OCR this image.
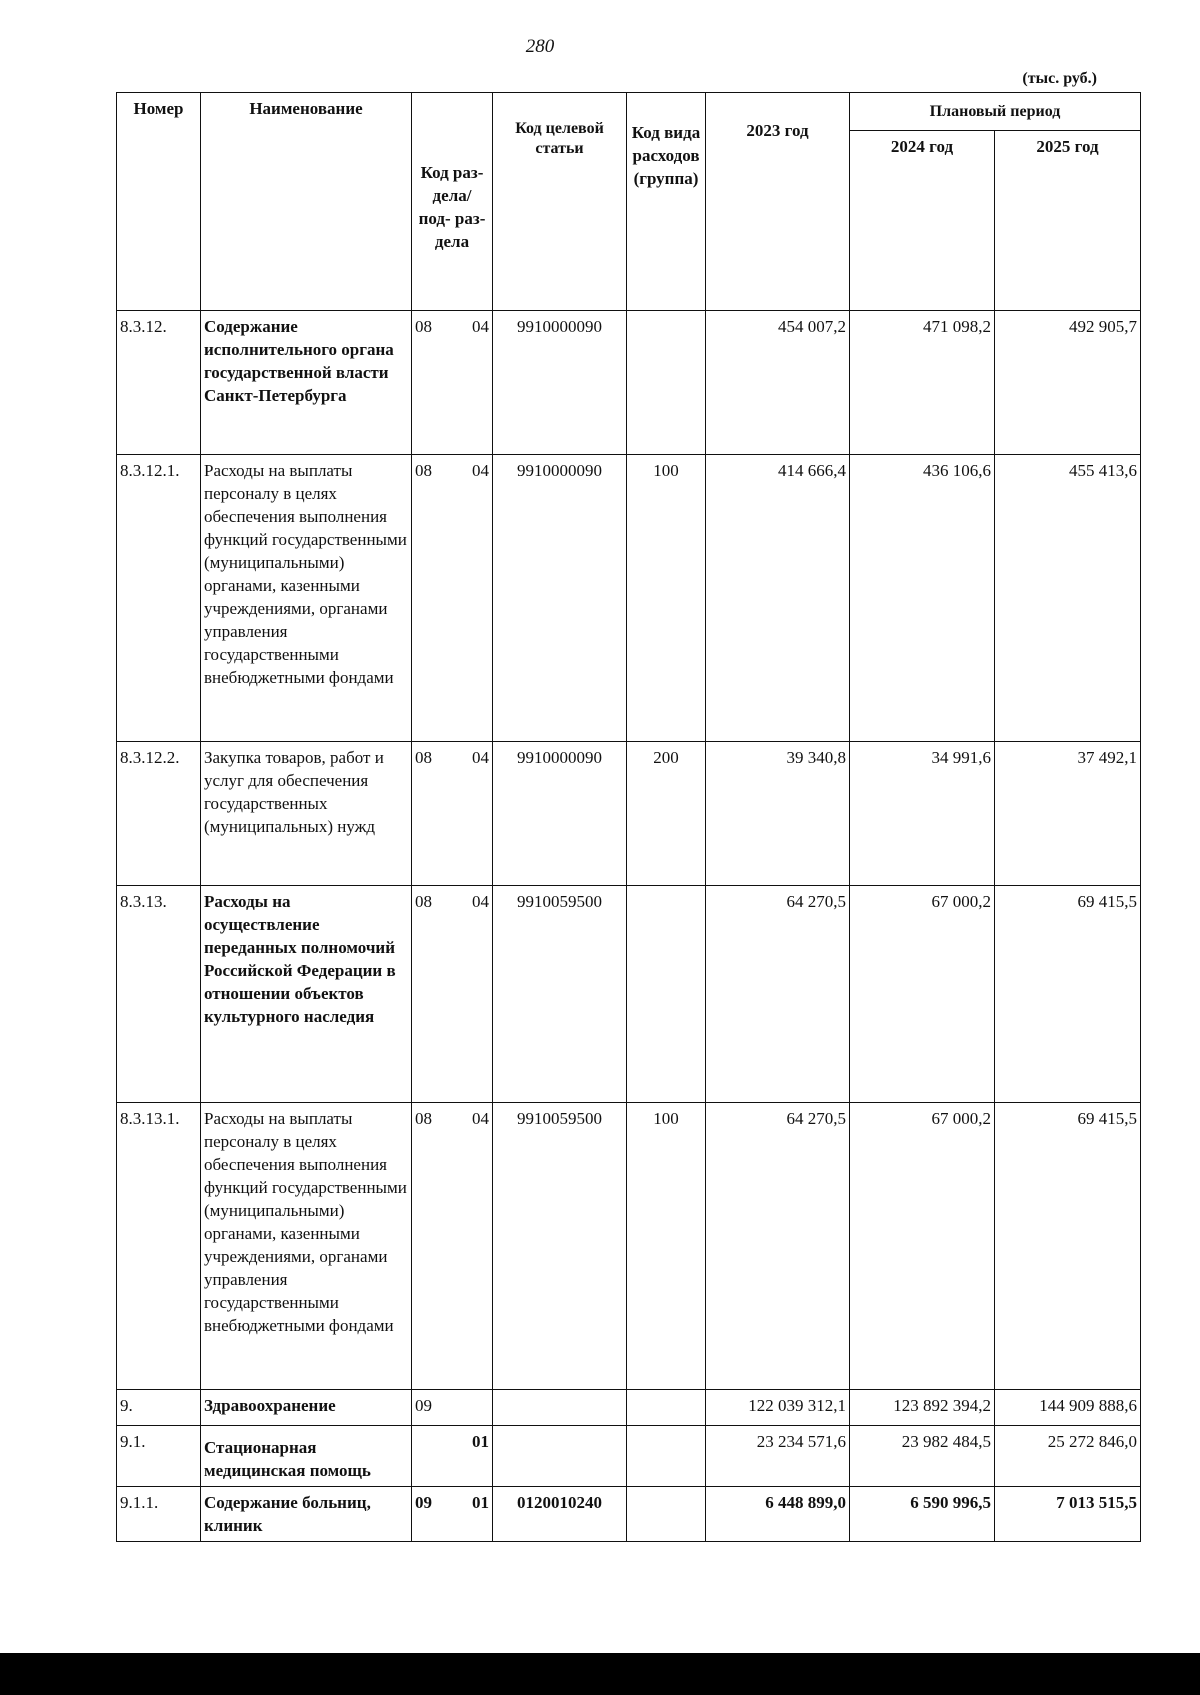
280
(тыс. руб.)
Номер	Наименование	Код раз- дела/ под- раз- дела	Код целевой статьи	Код вида расходов (группа)	2023 год	Плановый период	
						2024 год	2025 год
8.3.12.	Содержание исполнительного органа государственной власти Санкт-Петербурга	08 04	9910000090		454 007,2	471 098,2	492 905,7
8.3.12.1.	Расходы на выплаты персоналу в целях обеспечения выполнения функций государственными (муниципальными) органами, казенными учреждениями, органами управления государственными внебюджетными фондами	08 04	9910000090	100	414 666,4	436 106,6	455 413,6
8.3.12.2.	Закупка товаров, работ и услуг для обеспечения государственных (муниципальных) нужд	08 04	9910000090	200	39 340,8	34 991,6	37 492,1
8.3.13.	Расходы на осуществление переданных полномочий Российской Федерации в отношении объектов культурного наследия	08 04	9910059500		64 270,5	67 000,2	69 415,5
8.3.13.1.	Расходы на выплаты персоналу в целях обеспечения выполнения функций государственными (муниципальными) органами, казенными учреждениями, органами управления государственными внебюджетными фондами	08 04	9910059500	100	64 270,5	67 000,2	69 415,5
9.	Здравоохранение	09			122 039 312,1	123 892 394,2	144 909 888,6
9.1.	Стационарная медицинская помощь	01			23 234 571,6	23 982 484,5	25 272 846,0
9.1.1.	Содержание больниц, клиник	09 01	0120010240		6 448 899,0	6 590 996,5	7 013 515,5
